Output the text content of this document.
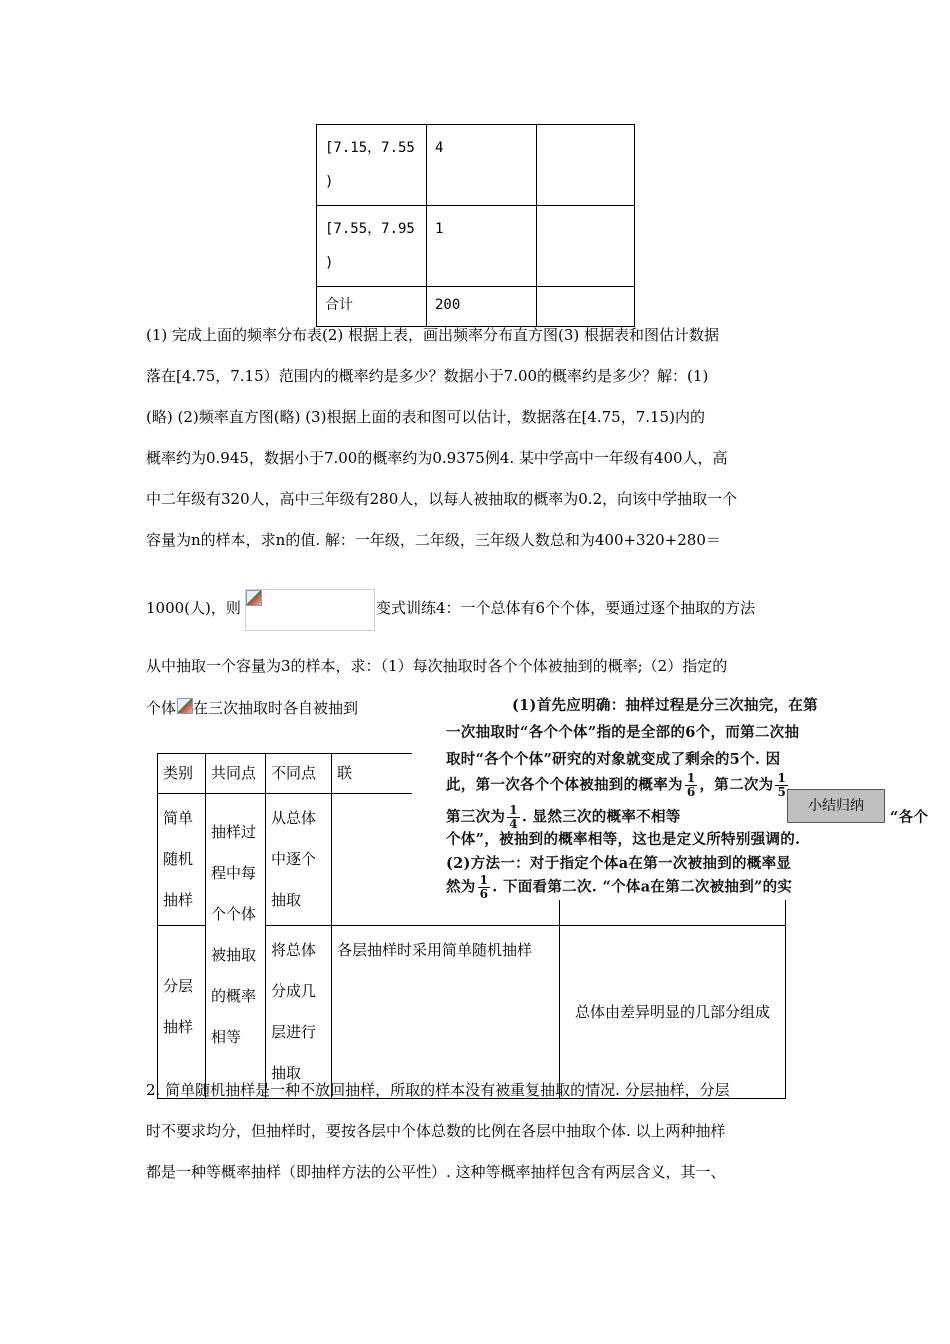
[7.15，7.55
)	4	
[7.55，7.95
)	1	
合计	200	
(1) 完成上面的频率分布表(2) 根据上表，画出频率分布直方图(3) 根据表和图估计数据
落在[4.75，7.15）范围内的概率约是多少？数据小于7.00的概率约是多少？解：(1)
(略) (2)频率直方图(略) (3)根据上面的表和图可以估计，数据落在[4.75，7.15)内的
概率约为0.945，数据小于7.00的概率约为0.9375例4. 某中学高中一年级有400人，高
中二年级有320人，高中三年级有280人，以每人被抽取的概率为0.2，向该中学抽取一个
容量为n的样本，求n的值. 解：一年级，二年级，三年级人数总和为400+320+280＝
1000(人)，则	变式训练4：一个总体有6个个体，要通过逐个抽取的方法
从中抽取一个容量为3的样本，求：（1）每次抽取时各个个体被抽到的概率;（2）指定的
个体 在三次抽取时各自被抽到
类别	共同点	不同点	联	
简单随机抽样	抽样过程中每个个体被抽取的概率相等	从总体中逐个抽取		
分层抽样		将总体分成几层进行抽取	各层抽样时采用简单随机抽样	总体由差异明显的几部分组成
(1)首先应明确：抽样过程是分三次抽完，在第
一次抽取时“各个个体”指的是全部的6个，而第二次抽
取时“各个个体”研究的对象就变成了剩余的5个. 因
此，第一次各个个体被抽到的概率为 $\frac{1}{6}$ ，第二次为 $\frac{1}{5}$
第三次为 $\frac{1}{4}$ . 显然三次的概率不相等	“各个
个体”，被抽到的概率相等，这也是定义所特别强调的.
(2)方法一：对于指定个体a在第一次被抽到的概率显
然为 $\frac{1}{6}$ . 下面看第二次. “个体a在第二次被抽到”的实
小结归纳
2. 简单随机抽样是一种不放回抽样，所取的样本没有被重复抽取的情况. 分层抽样，分层
时不要求均分，但抽样时，要按各层中个体总数的比例在各层中抽取个体. 以上两种抽样
都是一种等概率抽样（即抽样方法的公平性）. 这种等概率抽样包含有两层含义，其一、
